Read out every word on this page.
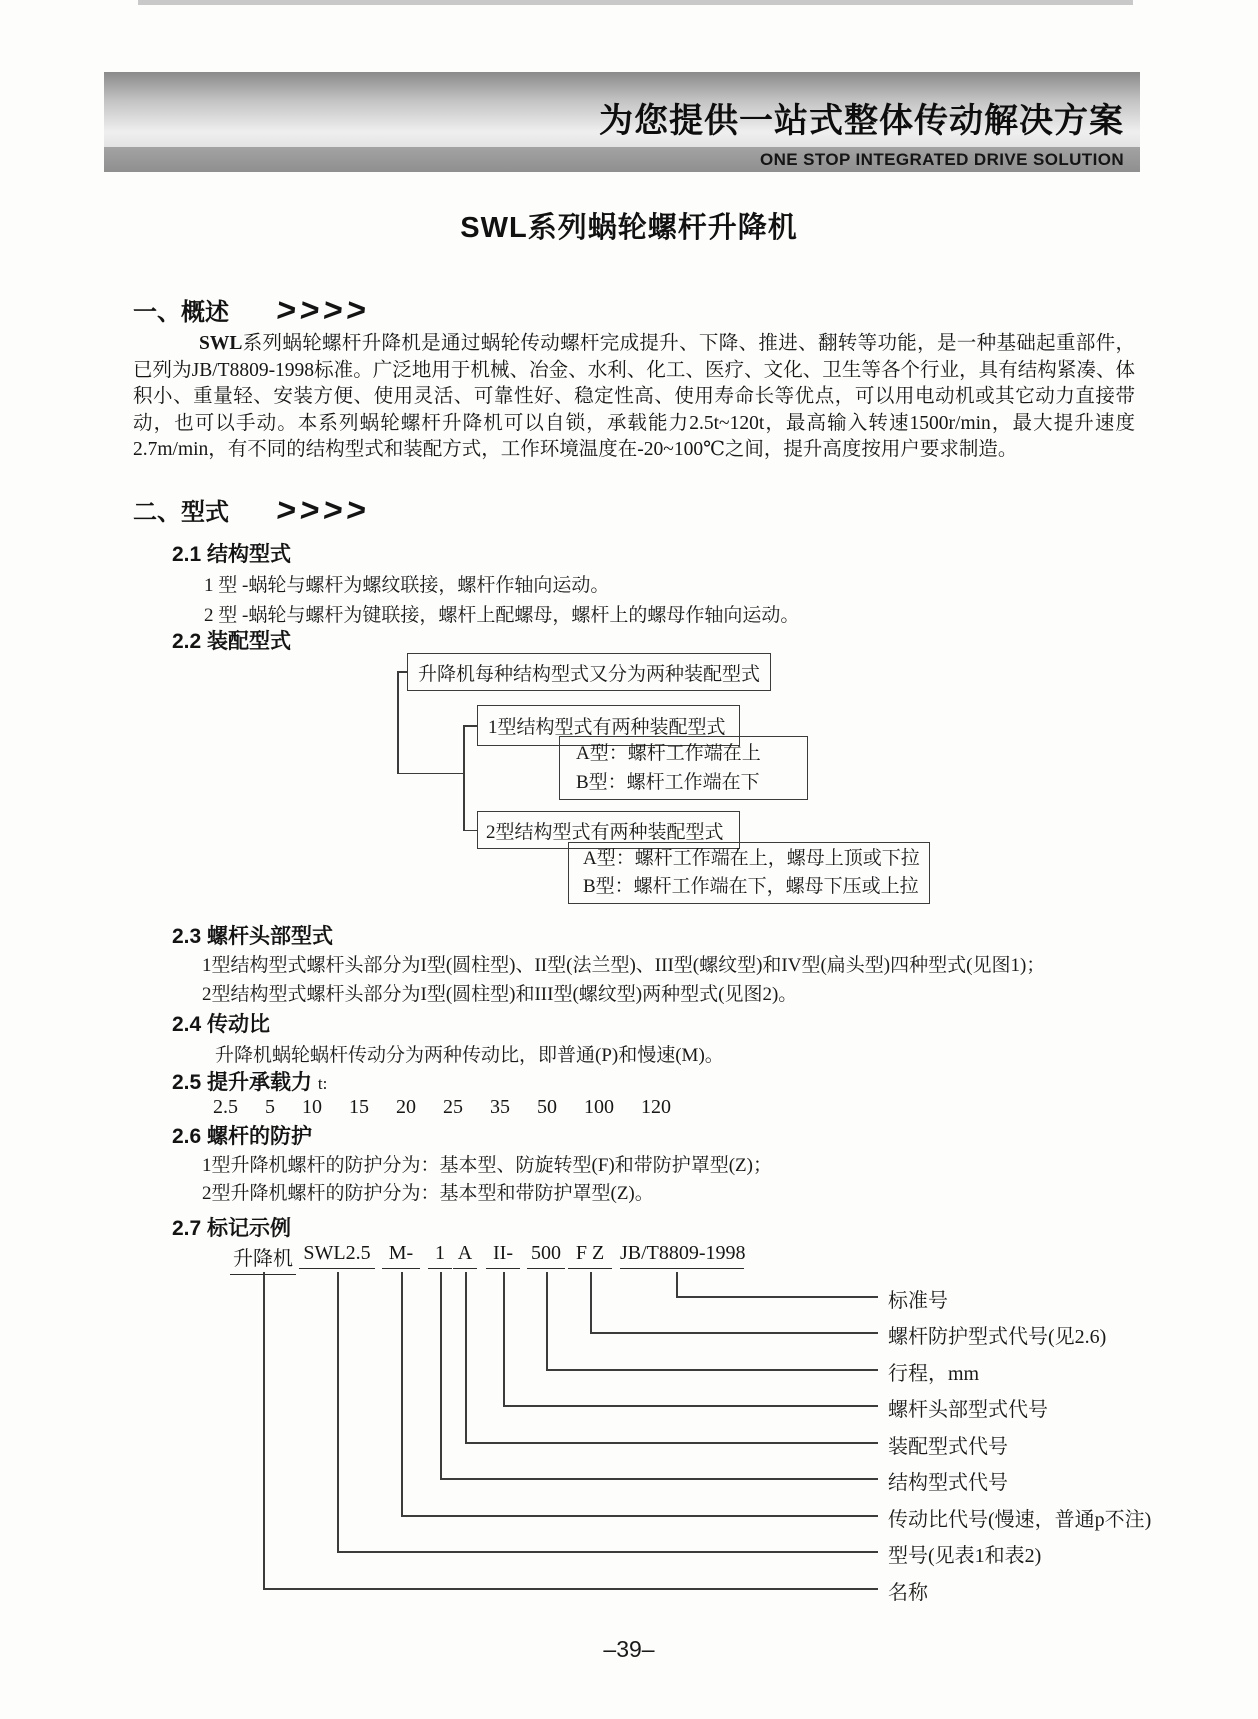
为您提供一站式整体传动解决方案
ONE STOP INTEGRATED DRIVE SOLUTION
SWL系列蜗轮螺杆升降机
一、概述 >>>>
SWL系列蜗轮螺杆升降机是通过蜗轮传动螺杆完成提升、下降、推进、翻转等功能，是一种基础起重部件，已列为JB/T8809-1998标准。广泛地用于机械、冶金、水利、化工、医疗、文化、卫生等各个行业，具有结构紧凑、体积小、重量轻、安装方便、使用灵活、可靠性好、稳定性高、使用寿命长等优点，可以用电动机或其它动力直接带动，也可以手动。本系列蜗轮螺杆升降机可以自锁，承载能力2.5t~120t，最高输入转速1500r/min，最大提升速度2.7m/min，有不同的结构型式和装配方式，工作环境温度在-20~100℃之间，提升高度按用户要求制造。
二、型式 >>>>
2.1 结构型式
1 型 -蜗轮与螺杆为螺纹联接，螺杆作轴向运动。
2 型 -蜗轮与螺杆为键联接，螺杆上配螺母，螺杆上的螺母作轴向运动。
2.2 装配型式
升降机每种结构型式又分为两种装配型式
1型结构型式有两种装配型式
A型：螺杆工作端在上
B型：螺杆工作端在下
2型结构型式有两种装配型式
A型：螺杆工作端在上，螺母上顶或下拉
B型：螺杆工作端在下，螺母下压或上拉
2.3 螺杆头部型式
1型结构型式螺杆头部分为I型(圆柱型)、II型(法兰型)、III型(螺纹型)和IV型(扁头型)四种型式(见图1)；
2型结构型式螺杆头部分为I型(圆柱型)和III型(螺纹型)两种型式(见图2)。
2.4 传动比
升降机蜗轮蜗杆传动分为两种传动比，即普通(P)和慢速(M)。
2.5 提升承载力 t:
2.5 5 10 15 20 25 35 50 100 120
2.6 螺杆的防护
1型升降机螺杆的防护分为：基本型、防旋转型(F)和带防护罩型(Z)；
2型升降机螺杆的防护分为：基本型和带防护罩型(Z)。
2.7 标记示例
升降机 SWL2.5 M-	1 A	II- 500 F Z JB/T8809-1998
标准号
螺杆防护型式代号(见2.6)
行程，mm
螺杆头部型式代号
装配型式代号
结构型式代号
传动比代号(慢速，普通p不注)
型号(见表1和表2)
名称
–39–
